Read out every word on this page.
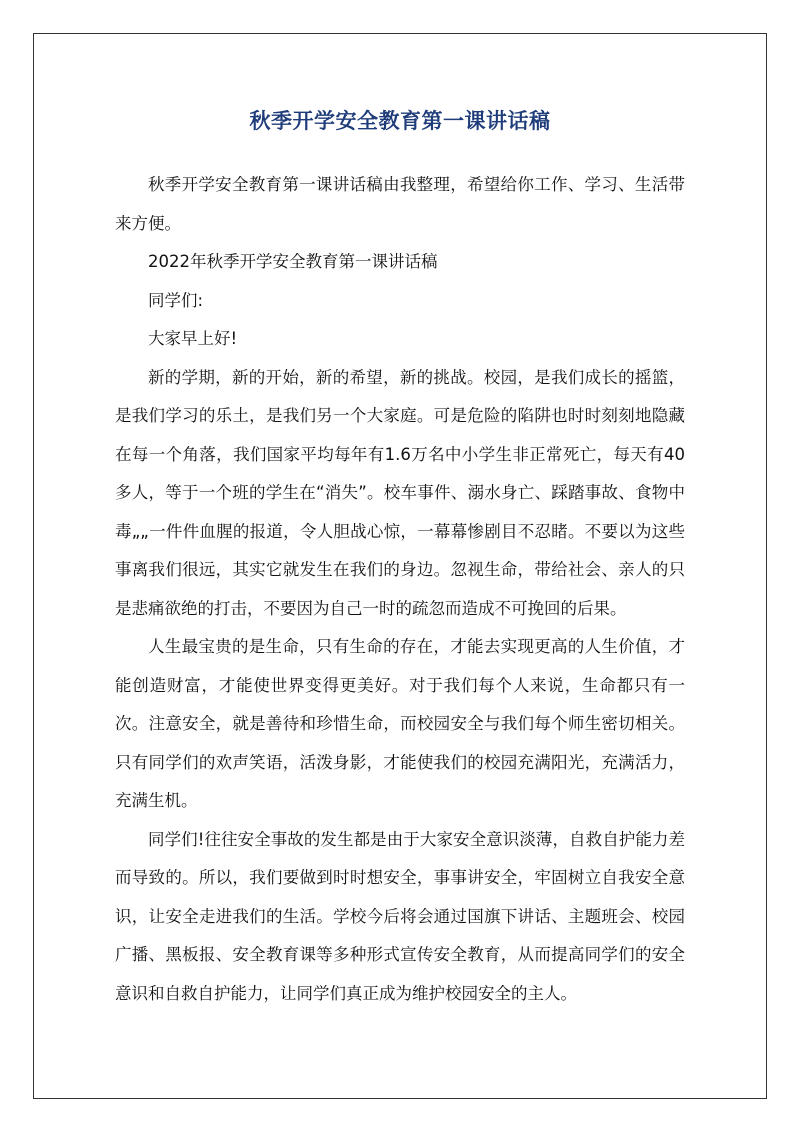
秋季开学安全教育第一课讲话稿

秋季开学安全教育第一课讲话稿由我整理，希望给你工作、学习、生活带来方便。

2022年秋季开学安全教育第一课讲话稿

同学们:

大家早上好!

新的学期，新的开始，新的希望，新的挑战。校园，是我们成长的摇篮，是我们学习的乐土，是我们另一个大家庭。可是危险的陷阱也时时刻刻地隐藏在每一个角落，我们国家平均每年有1.6万名中小学生非正常死亡，每天有40多人，等于一个班的学生在“消失”。校车事件、溺水身亡、踩踏事故、食物中毒„„一件件血腥的报道，令人胆战心惊，一幕幕惨剧目不忍睹。不要以为这些事离我们很远，其实它就发生在我们的身边。忽视生命，带给社会、亲人的只是悲痛欲绝的打击，不要因为自己一时的疏忽而造成不可挽回的后果。

人生最宝贵的是生命，只有生命的存在，才能去实现更高的人生价值，才能创造财富，才能使世界变得更美好。对于我们每个人来说，生命都只有一次。注意安全，就是善待和珍惜生命，而校园安全与我们每个师生密切相关。只有同学们的欢声笑语，活泼身影，才能使我们的校园充满阳光，充满活力，充满生机。

同学们!往往安全事故的发生都是由于大家安全意识淡薄，自救自护能力差而导致的。所以，我们要做到时时想安全，事事讲安全，牢固树立自我安全意识，让安全走进我们的生活。学校今后将会通过国旗下讲话、主题班会、校园广播、黑板报、安全教育课等多种形式宣传安全教育，从而提高同学们的安全意识和自救自护能力，让同学们真正成为维护校园安全的主人。
